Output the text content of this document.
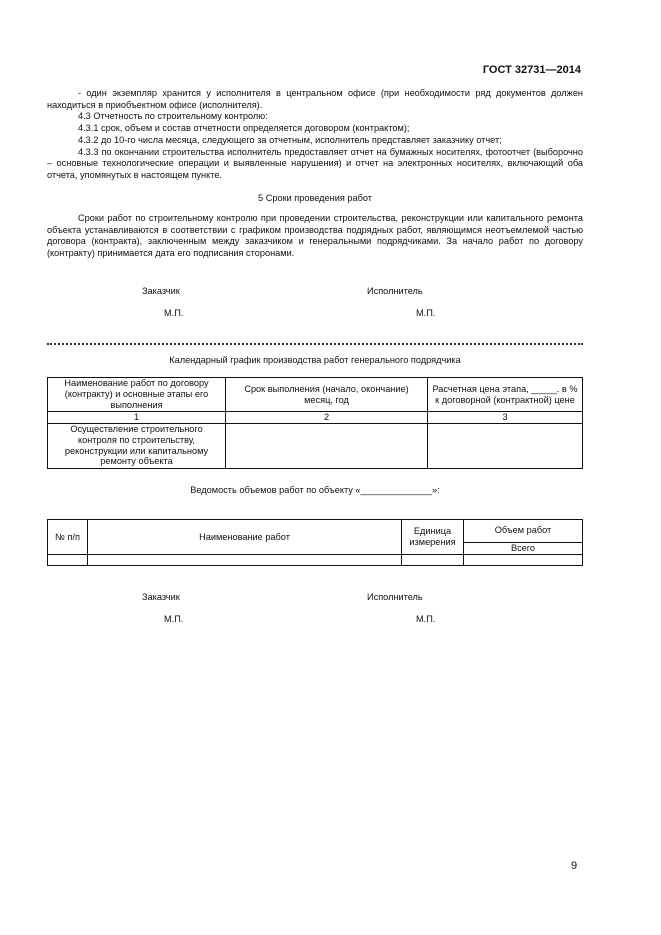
ГОСТ 32731—2014

- один экземпляр хранится у исполнителя в центральном офисе (при необходимости ряд документов должен находиться в приобъектном офисе (исполнителя).

4.3 Отчетность по строительному контролю:

4.3.1 срок, объем и состав отчетности определяется договором (контрактом);

4.3.2 до 10-го числа месяца, следующего за отчетным, исполнитель представляет заказчику отчет;

4.3.3 по окончании строительства исполнитель предоставляет отчет на бумажных носителях, фотоотчет (выборочно – основные технологические операции и выявленные нарушения) и отчет на электронных носителях, включающий оба отчета, упомянутых в настоящем пункте.

5 Сроки проведения работ

Сроки работ по строительному контролю при проведении строительства, реконструкции или капитального ремонта объекта устанавливаются в соответствии с графиком производства подрядных работ, являющимся неотъемлемой частью договора (контракта), заключенным между заказчиком и генеральными подрядчиками. За начало работ по договору (контракту) принимается дата его подписания сторонами.

Заказчик	Исполнитель
М.П.	М.П.
Календарный график производства работ генерального подрядчика
Наименование работ по договору (контракту) и основные этапы его выполнения	Срок выполнения (начало, окончание) месяц, год	Расчетная цена этапа, _____. в % к договорной (контрактной) цене
1	2	3
Осуществление строительного контроля по строительству, реконструкции или капитальному ремонту объекта		
Ведомость объемов работ по объекту «______________»:
№ п/п	Наименование работ	Единица измерения	Объем работ
			Всего

Заказчик	Исполнитель
М.П.	М.П.
9
